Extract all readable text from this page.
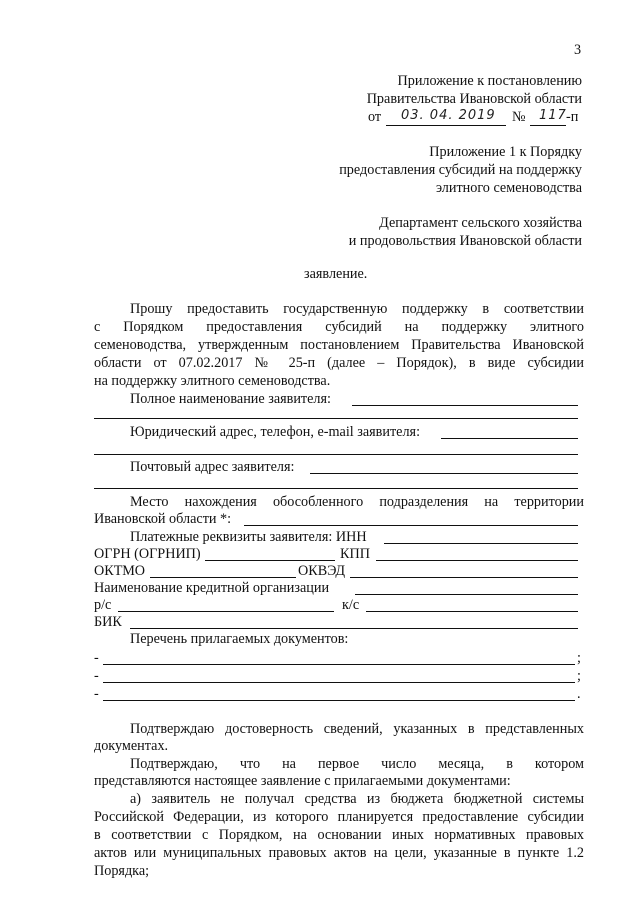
3
Приложение к постановлению
Правительства Ивановской области
от 03. 04. 2019 № 117 -п
Приложение 1 к Порядку
предоставления субсидий на поддержку
элитного семеноводства
Департамент сельского хозяйства
и продовольствия Ивановской области
заявление.
Прошу предоставить государственную поддержку в соответствии
с Порядком предоставления субсидий на поддержку элитного
семеноводства, утвержденным постановлением Правительства Ивановской
области от 07.02.2017 № 25-п (далее – Порядок), в виде субсидии
на поддержку элитного семеноводства.
Полное наименование заявителя:
Юридический адрес, телефон, e-mail заявителя:
Почтовый адрес заявителя:
Место нахождения обособленного подразделения на территории
Ивановской области *:
Платежные реквизиты заявителя: ИНН
ОГРН (ОГРНИП)	КПП
ОКТМО	ОКВЭД
Наименование кредитной организации
р/с	к/с
БИК
Перечень прилагаемых документов:
-	;
-	;
-	.
Подтверждаю достоверность сведений, указанных в представленных
документах.
Подтверждаю, что на первое число месяца, в котором
представляются настоящее заявление с прилагаемыми документами:
а) заявитель не получал средства из бюджета бюджетной системы
Российской Федерации, из которого планируется предоставление субсидии
в соответствии с Порядком, на основании иных нормативных правовых
актов или муниципальных правовых актов на цели, указанные в пункте 1.2
Порядка;
